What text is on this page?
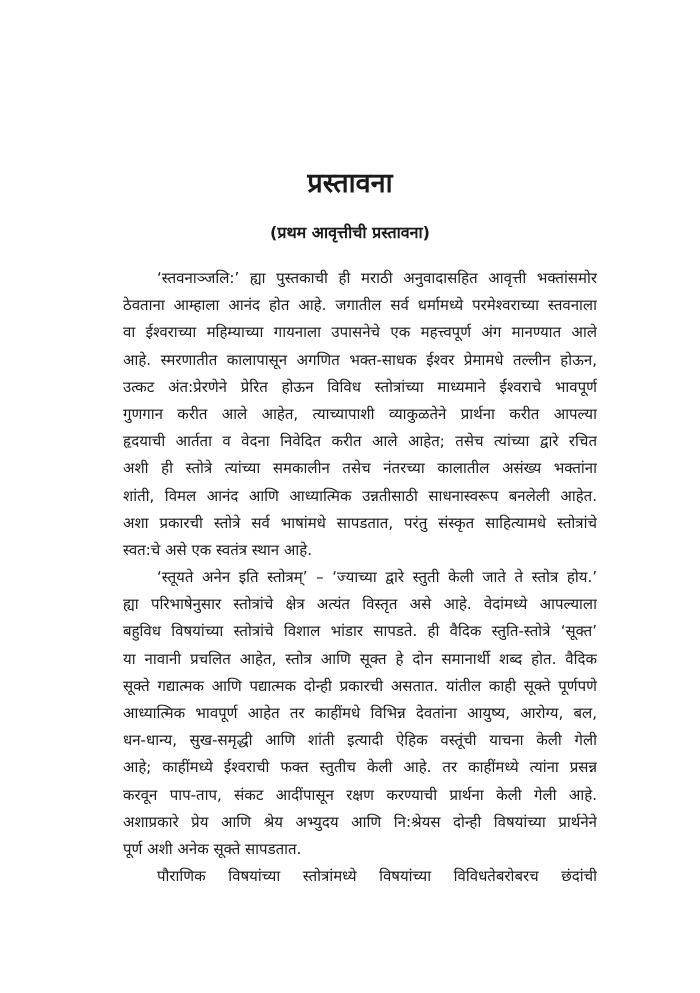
प्रस्तावना
(प्रथम आवृत्तीची प्रस्तावना)
‘स्तवनाञ्जलि:’ ह्या पुस्तकाची ही मराठी अनुवादासहित आवृत्ती भक्तांसमोर
ठेवताना आम्हाला आनंद होत आहे. जगातील सर्व धर्मामध्ये परमेश्वराच्या स्तवनाला
वा ईश्वराच्या महिम्याच्या गायनाला उपासनेचे एक महत्त्वपूर्ण अंग मानण्यात आले
आहे. स्मरणातीत कालापासून अगणित भक्त-साधक ईश्वर प्रेमामधे तल्लीन होऊन,
उत्कट अंत:प्रेरणेने प्रेरित होऊन विविध स्तोत्रांच्या माध्यमाने ईश्वराचे भावपूर्ण
गुणगान करीत आले आहेत, त्याच्यापाशी व्याकुळतेने प्रार्थना करीत आपल्या
हृदयाची आर्तता व वेदना निवेदित करीत आले आहेत; तसेच त्यांच्या द्वारे रचित
अशी ही स्तोत्रे त्यांच्या समकालीन तसेच नंतरच्या कालातील असंख्य भक्तांना
शांती, विमल आनंद आणि आध्यात्मिक उन्नतीसाठी साधनास्वरूप बनलेली आहेत.
अशा प्रकारची स्तोत्रे सर्व भाषांमधे सापडतात, परंतु संस्कृत साहित्यामधे स्तोत्रांचे
स्वत:चे असे एक स्वतंत्र स्थान आहे.
‘स्तूयते अनेन इति स्तोत्रम्’ – ‘ज्याच्या द्वारे स्तुती केली जाते ते स्तोत्र होय.’
ह्या परिभाषेनुसार स्तोत्रांचे क्षेत्र अत्यंत विस्तृत असे आहे. वेदांमध्ये आपल्याला
बहुविध विषयांच्या स्तोत्रांचे विशाल भांडार सापडते. ही वैदिक स्तुति-स्तोत्रे ‘सूक्त’
या नावानी प्रचलित आहेत, स्तोत्र आणि सूक्त हे दोन समानार्थी शब्द होत. वैदिक
सूक्ते गद्यात्मक आणि पद्यात्मक दोन्ही प्रकारची असतात. यांतील काही सूक्ते पूर्णपणे
आध्यात्मिक भावपूर्ण आहेत तर काहींमधे विभिन्न देवतांना आयुष्य, आरोग्य, बल,
धन-धान्य, सुख-समृद्धी आणि शांती इत्यादी ऐहिक वस्तूंची याचना केली गेली
आहे; काहींमध्ये ईश्वराची फक्त स्तुतीच केली आहे. तर काहींमध्ये त्यांना प्रसन्न
करवून पाप-ताप, संकट आदींपासून रक्षण करण्याची प्रार्थना केली गेली आहे.
अशाप्रकारे प्रेय आणि श्रेय अभ्युदय आणि नि:श्रेयस दोन्ही विषयांच्या प्रार्थनेने
पूर्ण अशी अनेक सूक्ते सापडतात.
पौराणिक विषयांच्या स्तोत्रांमध्ये विषयांच्या विविधतेबरोबरच छंदांची
